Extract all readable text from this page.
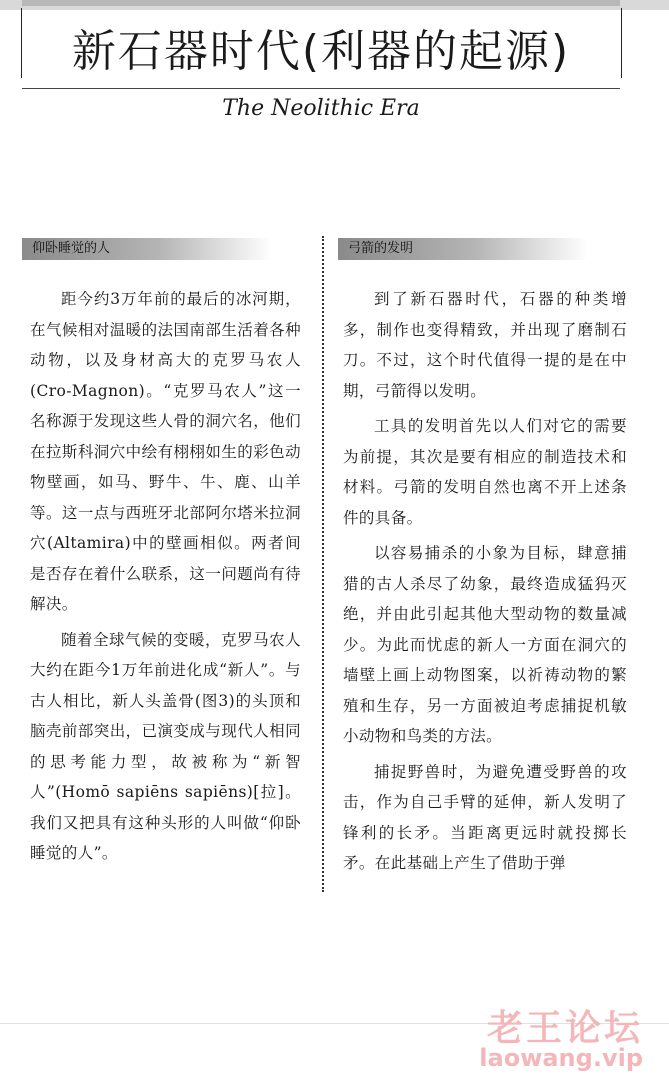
新石器时代(利器的起源)
The Neolithic Era
仰卧睡觉的人	弓箭的发明

距今约3万年前的最后的冰河期，在气候相对温暖的法国南部生活着各种动物，以及身材高大的克罗马农人(Cro-Magnon)。“克罗马农人”这一名称源于发现这些人骨的洞穴名，他们在拉斯科洞穴中绘有栩栩如生的彩色动物壁画，如马、野牛、牛、鹿、山羊等。这一点与西班牙北部阿尔塔米拉洞穴(Altamira)中的壁画相似。两者间是否存在着什么联系，这一问题尚有待解决。

随着全球气候的变暖，克罗马农人大约在距今1万年前进化成“新人”。与古人相比，新人头盖骨(图3)的头顶和脑壳前部突出，已演变成与现代人相同的思考能力型，故被称为“新智人”(Homō sapiēns sapiēns)[拉]。我们又把具有这种头形的人叫做“仰卧睡觉的人”。

到了新石器时代，石器的种类增多，制作也变得精致，并出现了磨制石刀。不过，这个时代值得一提的是在中期，弓箭得以发明。

工具的发明首先以人们对它的需要为前提，其次是要有相应的制造技术和材料。弓箭的发明自然也离不开上述条件的具备。

以容易捕杀的小象为目标，肆意捕猎的古人杀尽了幼象，最终造成猛犸灭绝，并由此引起其他大型动物的数量减少。为此而忧虑的新人一方面在洞穴的墙壁上画上动物图案，以祈祷动物的繁殖和生存，另一方面被迫考虑捕捉机敏小动物和鸟类的方法。

捕捉野兽时，为避免遭受野兽的攻击，作为自己手臂的延伸，新人发明了锋利的长矛。当距离更远时就投掷长矛。在此基础上产生了借助于弹

老王论坛
laowang.vip
